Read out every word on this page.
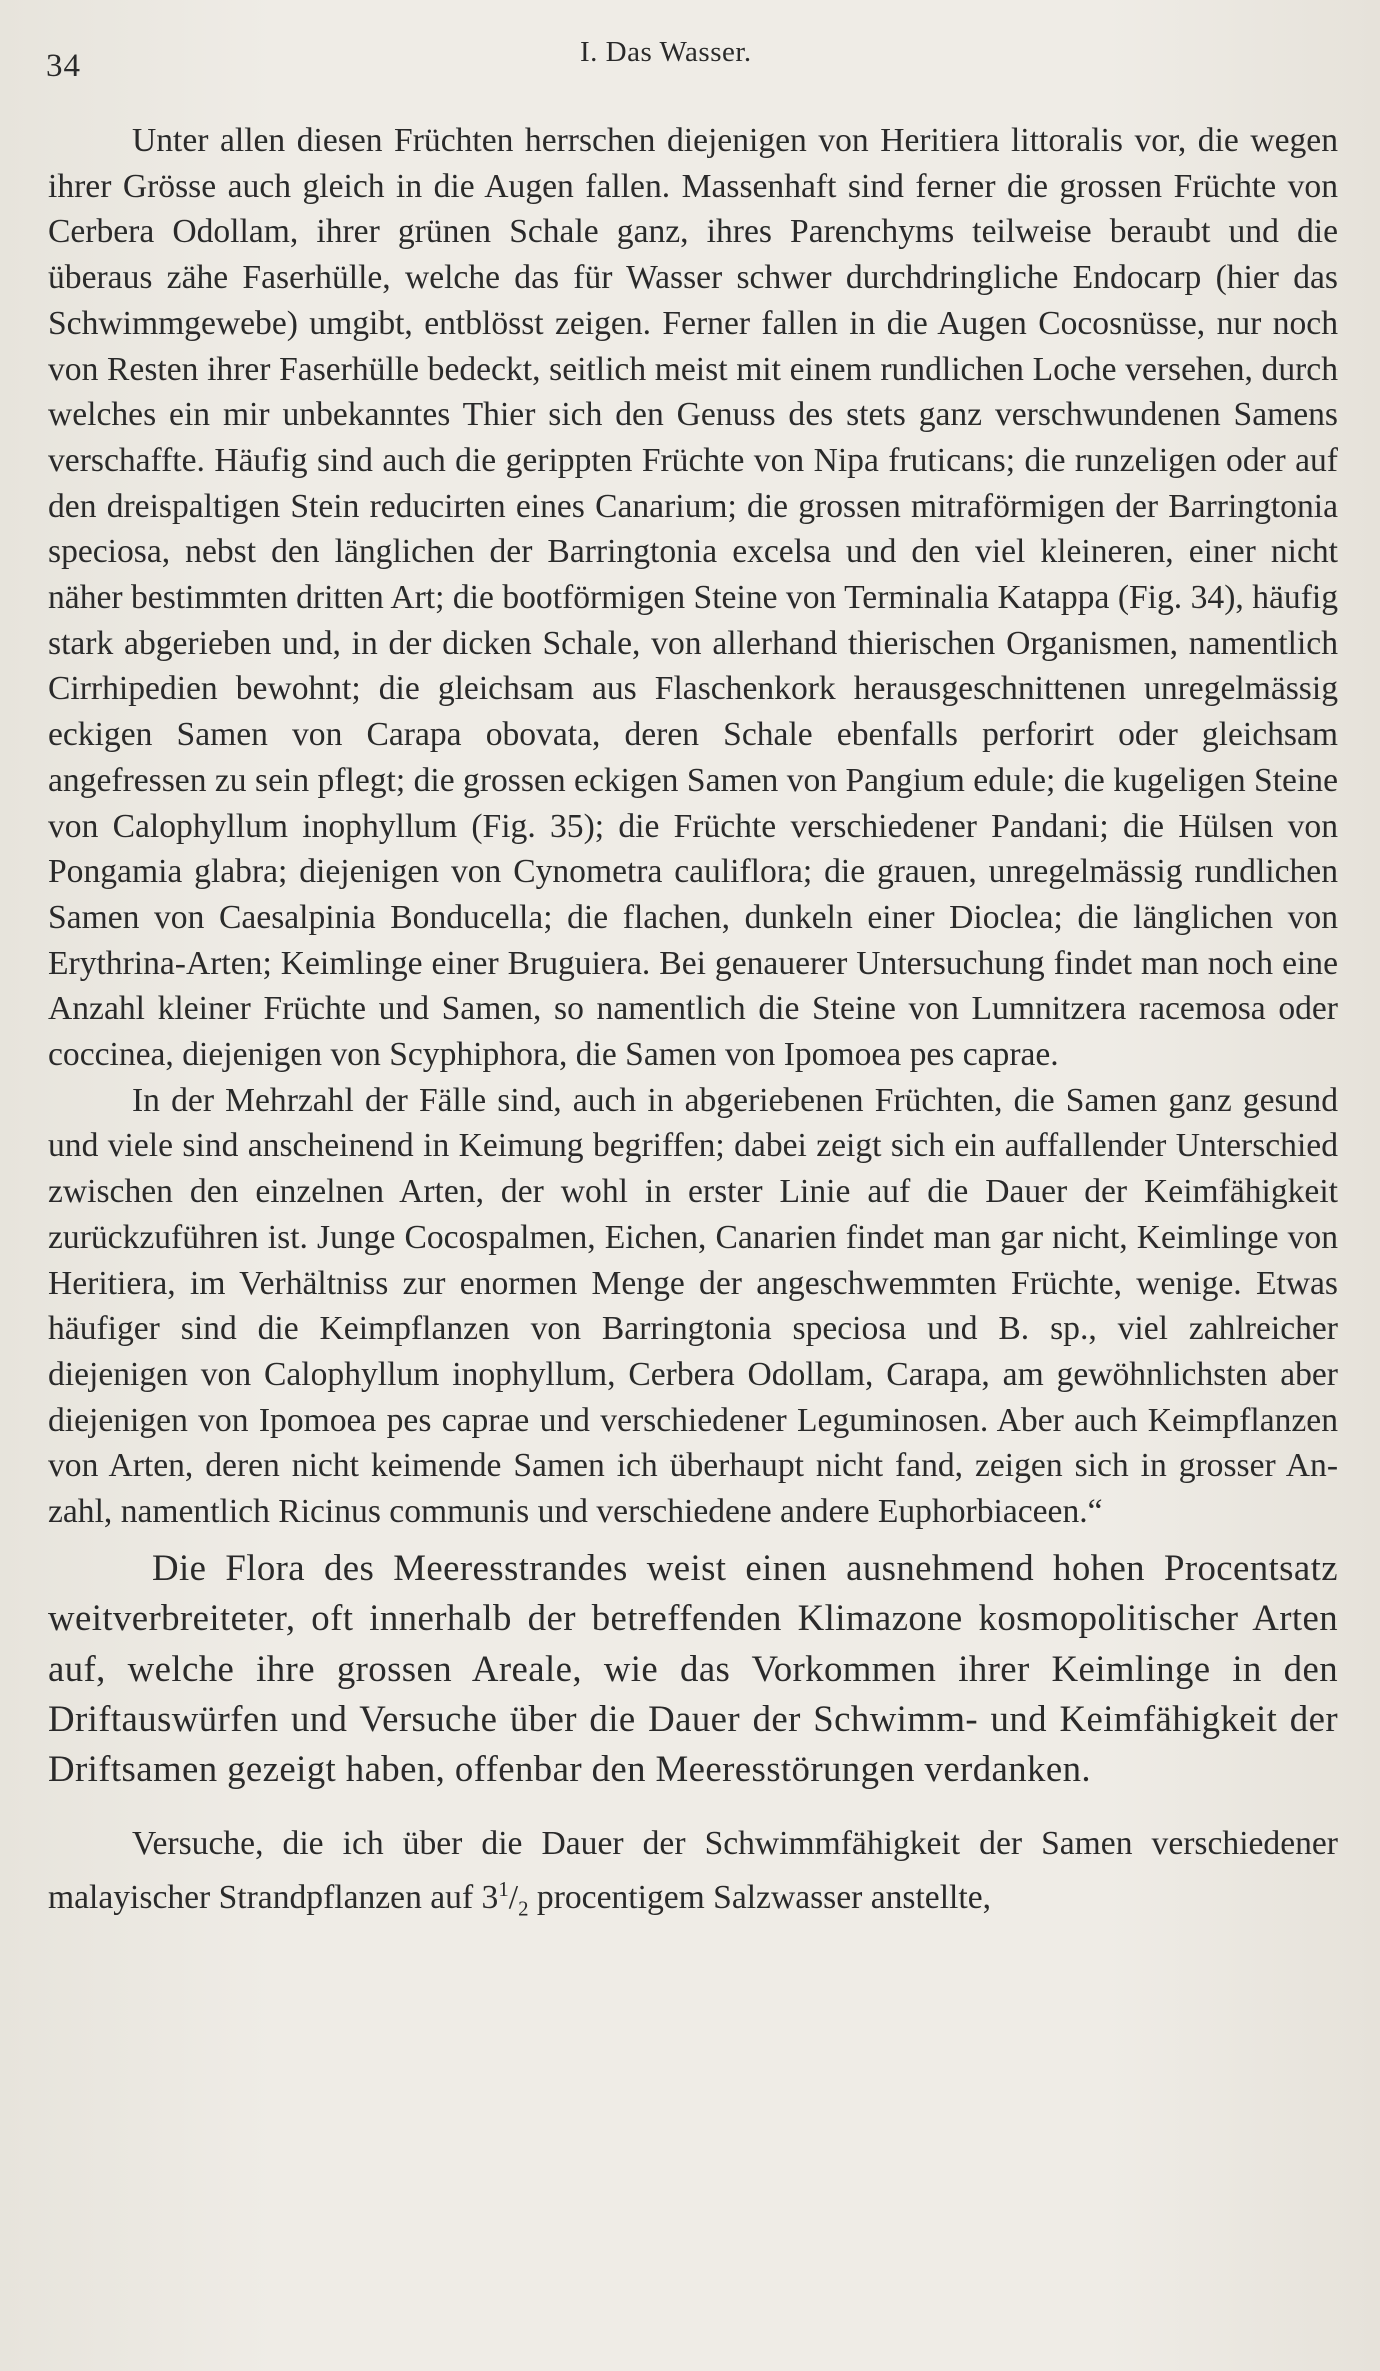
34	I. Das Wasser.

Unter allen diesen Früchten herrschen diejenigen von Heritiera littoralis vor, die wegen ihrer Grösse auch gleich in die Augen fallen. Massenhaft sind ferner die grossen Früchte von Cerbera Odollam, ihrer grünen Schale ganz, ihres Parenchyms teilweise beraubt und die überaus zähe Faserhülle, welche das für Wasser schwer durchdringliche Endocarp (hier das Schwimmgewebe) umgibt, entblösst zeigen. Ferner fallen in die Augen Cocosnüsse, nur noch von Resten ihrer Faserhülle bedeckt, seitlich meist mit einem rundlichen Loche versehen, durch welches ein mir unbekanntes Thier sich den Genuss des stets ganz verschwundenen Samens verschaffte. Häufig sind auch die gerippten Früchte von Nipa fruticans; die runzeligen oder auf den dreispaltigen Stein reducirten eines Canarium; die grossen mitraförmigen der Barringtonia speciosa, nebst den länglichen der Barringtonia excelsa und den viel kleineren, einer nicht näher bestimmten dritten Art; die bootförmigen Steine von Terminalia Katappa (Fig. 34), häufig stark abgerieben und, in der dicken Schale, von allerhand thierischen Organismen, namentlich Cirrhipedien bewohnt; die gleichsam aus Flaschenkork herausgeschnittenen unregelmässig eckigen Samen von Carapa obovata, deren Schale ebenfalls perforirt oder gleichsam angefressen zu sein pflegt; die grossen eckigen Samen von Pangium edule; die kugeligen Steine von Calophyllum inophyllum (Fig. 35); die Früchte verschiedener Pandani; die Hülsen von Pongamia glabra; diejenigen von Cynometra cauliflora; die grauen, unregelmässig rundlichen Samen von Caesalpinia Bonducella; die flachen, dunkeln einer Dioclea; die länglichen von Erythrina-Arten; Keimlinge einer Bruguiera. Bei genauerer Untersuchung findet man noch eine Anzahl kleiner Früchte und Samen, so namentlich die Steine von Lumnitzera racemosa oder coccinea, diejenigen von Scyphiphora, die Samen von Ipomoea pes caprae.

In der Mehrzahl der Fälle sind, auch in abgeriebenen Früchten, die Samen ganz gesund und viele sind anscheinend in Keimung begriffen; dabei zeigt sich ein auffallender Unterschied zwischen den einzelnen Arten, der wohl in erster Linie auf die Dauer der Keimfähigkeit zurückzuführen ist. Junge Cocospalmen, Eichen, Canarien findet man gar nicht, Keimlinge von Heritiera, im Verhältniss zur enormen Menge der angeschwemmten Früchte, wenige. Etwas häufiger sind die Keimpflanzen von Barringtonia speciosa und B. sp., viel zahlreicher diejenigen von Calophyllum inophyllum, Cerbera Odollam, Carapa, am gewöhnlichsten aber diejenigen von Ipomoea pes caprae und verschiedener Leguminosen. Aber auch Keimpflanzen von Arten, deren nicht keimende Samen ich überhaupt nicht fand, zeigen sich in grosser Anzahl, namentlich Ricinus communis und verschiedene andere Euphorbiaceen.“

Die Flora des Meeresstrandes weist einen ausnehmend hohen Procentsatz weitverbreiteter, oft innerhalb der betreffenden Klimazone kosmopolitischer Arten auf, welche ihre grossen Areale, wie das Vorkommen ihrer Keimlinge in den Driftauswürfen und Versuche über die Dauer der Schwimm- und Keimfähigkeit der Driftsamen gezeigt haben, offenbar den Meeresstörungen verdanken.

Versuche, die ich über die Dauer der Schwimmfähigkeit der Samen verschiedener malayischer Strandpflanzen auf $3^1/_2$ procentigem Salzwasser anstellte,
